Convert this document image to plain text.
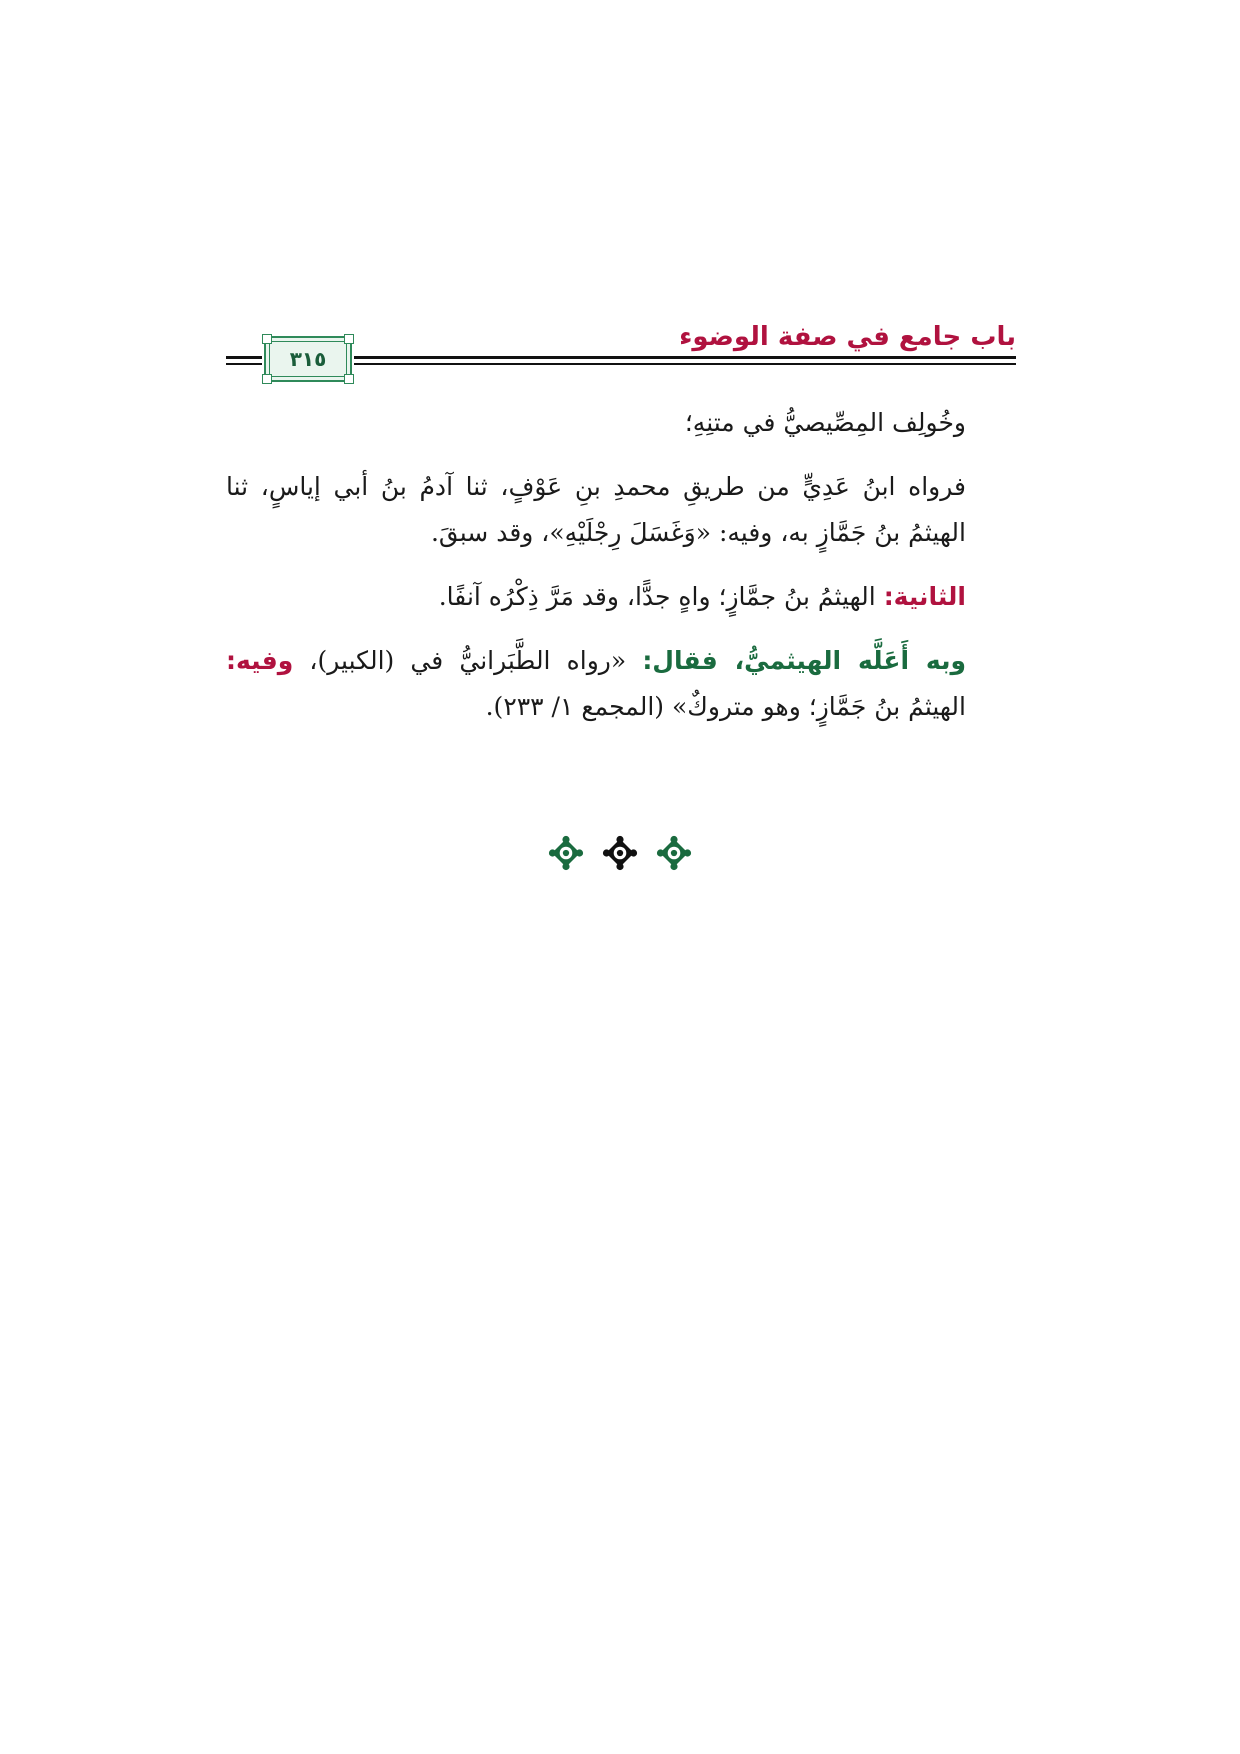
باب جامع في صفة الوضوء
٣١٥

وخُولِف المِصِّيصيُّ في متنِهِ؛

فرواه ابنُ عَدِيٍّ من طريقِ محمدِ بنِ عَوْفٍ، ثنا آدمُ بنُ أبي إياسٍ، ثنا الهيثمُ بنُ جَمَّازٍ به، وفيه: «وَغَسَلَ رِجْلَيْهِ»، وقد سبقَ.

الثانية: الهيثمُ بنُ جمَّازٍ؛ واهٍ جدًّا، وقد مَرَّ ذِكْرُه آنفًا.

وبه أَعَلَّه الهيثميُّ، فقال: «رواه الطَّبَرانيُّ في (الكبير)، وفيه: الهيثمُ بنُ جَمَّازٍ؛ وهو متروكٌ» (المجمع ١/ ٢٣٣).
